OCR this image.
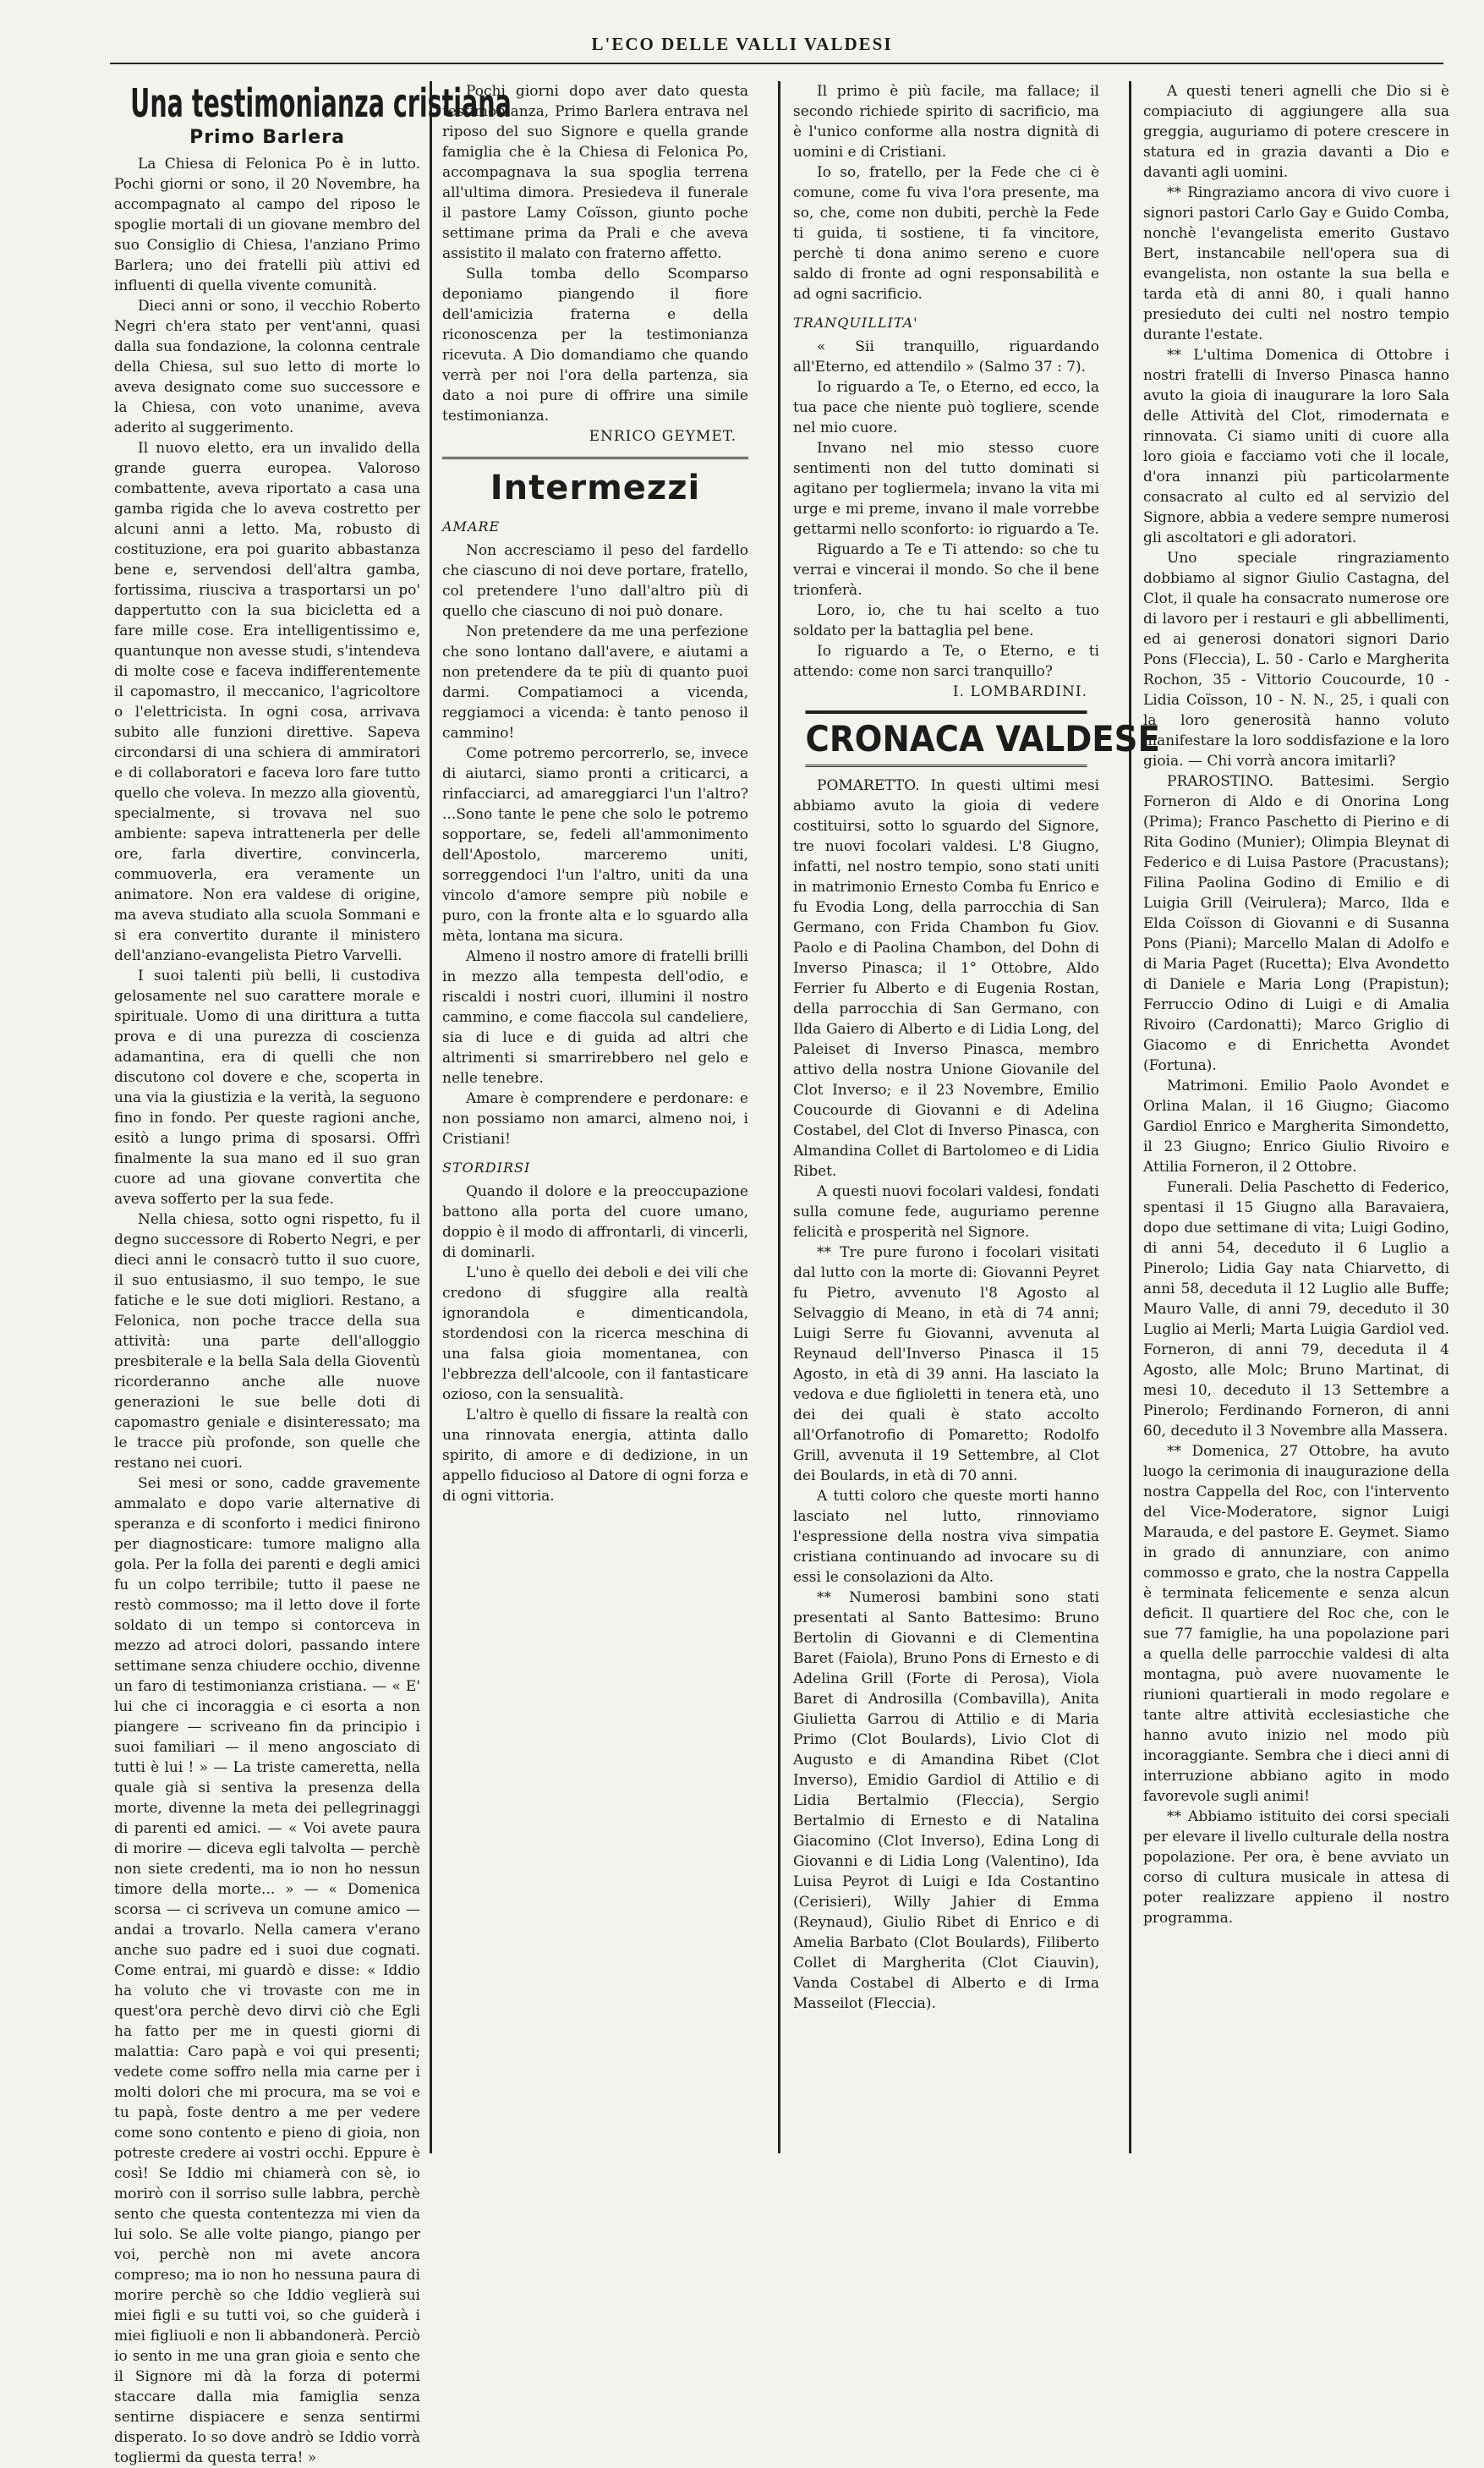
L'ECO DELLE VALLI VALDESI
Una testimonianza cristiana
Primo Barlera

La Chiesa di Felonica Po è in lutto. Pochi giorni or sono, il 20 Novembre, ha accompagnato al campo del riposo le spoglie mortali di un giovane membro del suo Consiglio di Chiesa, l'anziano Primo Barlera; uno dei fratelli più attivi ed influenti di quella vivente comunità.

Dieci anni or sono, il vecchio Roberto Negri ch'era stato per vent'anni, quasi dalla sua fondazione, la colonna centrale della Chiesa, sul suo letto di morte lo aveva designato come suo successore e la Chiesa, con voto unanime, aveva aderito al suggerimento.

Il nuovo eletto, era un invalido della grande guerra europea. Valoroso combattente, aveva riportato a casa una gamba rigida che lo aveva costretto per alcuni anni a letto. Ma, robusto di costituzione, era poi guarito abbastanza bene e, servendosi dell'altra gamba, fortissima, riusciva a trasportarsi un po' dappertutto con la sua bicicletta ed a fare mille cose. Era intelligentissimo e, quantunque non avesse studi, s'intendeva di molte cose e faceva indifferentemente il capomastro, il meccanico, l'agricoltore o l'elettricista. In ogni cosa, arrivava subito alle funzioni direttive. Sapeva circondarsi di una schiera di ammiratori e di collaboratori e faceva loro fare tutto quello che voleva. In mezzo alla gioventù, specialmente, si trovava nel suo ambiente: sapeva intrattenerla per delle ore, farla divertire, convincerla, commuoverla, era veramente un animatore. Non era valdese di origine, ma aveva studiato alla scuola Sommani e si era convertito durante il ministero dell'anziano-evangelista Pietro Varvelli.

I suoi talenti più belli, li custodiva gelosamente nel suo carattere morale e spirituale. Uomo di una dirittura a tutta prova e di una purezza di coscienza adamantina, era di quelli che non discutono col dovere e che, scoperta in una via la giustizia e la verità, la seguono fino in fondo. Per queste ragioni anche, esitò a lungo prima di sposarsi. Offrì finalmente la sua mano ed il suo gran cuore ad una giovane convertita che aveva sofferto per la sua fede.

Nella chiesa, sotto ogni rispetto, fu il degno successore di Roberto Negri, e per dieci anni le consacrò tutto il suo cuore, il suo entusiasmo, il suo tempo, le sue fatiche e le sue doti migliori. Restano, a Felonica, non poche tracce della sua attività: una parte dell'alloggio presbiterale e la bella Sala della Gioventù ricorderanno anche alle nuove generazioni le sue belle doti di capomastro geniale e disinteressato; ma le tracce più profonde, son quelle che restano nei cuori.

Sei mesi or sono, cadde gravemente ammalato e dopo varie alternative di speranza e di sconforto i medici finirono per diagnosticare: tumore maligno alla gola. Per la folla dei parenti e degli amici fu un colpo terribile; tutto il paese ne restò commosso; ma il letto dove il forte soldato di un tempo si contorceva in mezzo ad atroci dolori, passando intere settimane senza chiudere occhio, divenne un faro di testimonianza cristiana. — « E' lui che ci incoraggia e ci esorta a non piangere — scriveano fin da principio i suoi familiari — il meno angosciato di tutti è lui ! » — La triste cameretta, nella quale già si sentiva la presenza della morte, divenne la meta dei pellegrinaggi di parenti ed amici. — « Voi avete paura di morire — diceva egli talvolta — perchè non siete credenti, ma io non ho nessun timore della morte... » — « Domenica scorsa — ci scriveva un comune amico — andai a trovarlo. Nella camera v'erano anche suo padre ed i suoi due cognati. Come entrai, mi guardò e disse: « Iddio ha voluto che vi trovaste con me in quest'ora perchè devo dirvi ciò che Egli ha fatto per me in questi giorni di malattia: Caro papà e voi qui presenti; vedete come soffro nella mia carne per i molti dolori che mi procura, ma se voi e tu papà, foste dentro a me per vedere come sono contento e pieno di gioia, non potreste credere ai vostri occhi. Eppure è così! Se Iddio mi chiamerà con sè, io morirò con il sorriso sulle labbra, perchè sento che questa contentezza mi vien da lui solo. Se alle volte piango, piango per voi, perchè non mi avete ancora compreso; ma io non ho nessuna paura di morire perchè so che Iddio veglierà sui miei figli e su tutti voi, so che guiderà i miei figliuoli e non li abbandonerà. Perciò io sento in me una gran gioia e sento che il Signore mi dà la forza di potermi staccare dalla mia famiglia senza sentirne dispiacere e senza sentirmi disperato. Io so dove andrò se Iddio vorrà togliermi da questa terra! »

Pochi giorni dopo aver dato questa testimonianza, Primo Barlera entrava nel riposo del suo Signore e quella grande famiglia che è la Chiesa di Felonica Po, accompagnava la sua spoglia terrena all'ultima dimora. Presiedeva il funerale il pastore Lamy Coïsson, giunto poche settimane prima da Prali e che aveva assistito il malato con fraterno affetto.

Sulla tomba dello Scomparso deponiamo piangendo il fiore dell'amicizia fraterna e della riconoscenza per la testimonianza ricevuta. A Dio domandiamo che quando verrà per noi l'ora della partenza, sia dato a noi pure di offrire una simile testimonianza.

ENRICO GEYMET.
Intermezzi
AMARE

Non accresciamo il peso del fardello che ciascuno di noi deve portare, fratello, col pretendere l'uno dall'altro più di quello che ciascuno di noi può donare.

Non pretendere da me una perfezione che sono lontano dall'avere, e aiutami a non pretendere da te più di quanto puoi darmi. Compatiamoci a vicenda, reggiamoci a vicenda: è tanto penoso il cammino!

Come potremo percorrerlo, se, invece di aiutarci, siamo pronti a criticarci, a rinfacciarci, ad amareggiarci l'un l'altro? ...Sono tante le pene che solo le potremo sopportare, se, fedeli all'ammonimento dell'Apostolo, marceremo uniti, sorreggendoci l'un l'altro, uniti da una vincolo d'amore sempre più nobile e puro, con la fronte alta e lo sguardo alla mèta, lontana ma sicura.

Almeno il nostro amore di fratelli brilli in mezzo alla tempesta dell'odio, e riscaldi i nostri cuori, illumini il nostro cammino, e come fiaccola sul candeliere, sia di luce e di guida ad altri che altrimenti si smarrirebbero nel gelo e nelle tenebre.

Amare è comprendere e perdonare: e non possiamo non amarci, almeno noi, i Cristiani!

STORDIRSI

Quando il dolore e la preoccupazione battono alla porta del cuore umano, doppio è il modo di affrontarli, di vincerli, di dominarli.

L'uno è quello dei deboli e dei vili che credono di sfuggire alla realtà ignorandola e dimenticandola, stordendosi con la ricerca meschina di una falsa gioia momentanea, con l'ebbrezza dell'alcoole, con il fantasticare ozioso, con la sensualità.

L'altro è quello di fissare la realtà con una rinnovata energia, attinta dallo spirito, di amore e di dedizione, in un appello fiducioso al Datore di ogni forza e di ogni vittoria.

Il primo è più facile, ma fallace; il secondo richiede spirito di sacrificio, ma è l'unico conforme alla nostra dignità di uomini e di Cristiani.

Io so, fratello, per la Fede che ci è comune, come fu viva l'ora presente, ma so, che, come non dubiti, perchè la Fede ti guida, ti sostiene, ti fa vincitore, perchè ti dona animo sereno e cuore saldo di fronte ad ogni responsabilità e ad ogni sacrificio.

TRANQUILLITA'

« Sii tranquillo, riguardando all'Eterno, ed attendilo » (Salmo 37 : 7).

Io riguardo a Te, o Eterno, ed ecco, la tua pace che niente può togliere, scende nel mio cuore.

Invano nel mio stesso cuore sentimenti non del tutto dominati si agitano per togliermela; invano la vita mi urge e mi preme, invano il male vorrebbe gettarmi nello sconforto: io riguardo a Te.

Riguardo a Te e Ti attendo: so che tu verrai e vincerai il mondo. So che il bene trionferà.

Loro, io, che tu hai scelto a tuo soldato per la battaglia pel bene.

Io riguardo a Te, o Eterno, e ti attendo: come non sarci tranquillo?

I. LOMBARDINI.
CRONACA VALDESE

POMARETTO. In questi ultimi mesi abbiamo avuto la gioia di vedere costituirsi, sotto lo sguardo del Signore, tre nuovi focolari valdesi. L'8 Giugno, infatti, nel nostro tempio, sono stati uniti in matrimonio Ernesto Comba fu Enrico e fu Evodia Long, della parrocchia di San Germano, con Frida Chambon fu Giov. Paolo e di Paolina Chambon, del Dohn di Inverso Pinasca; il 1° Ottobre, Aldo Ferrier fu Alberto e di Eugenia Rostan, della parrocchia di San Germano, con Ilda Gaiero di Alberto e di Lidia Long, del Paleiset di Inverso Pinasca, membro attivo della nostra Unione Giovanile del Clot Inverso; e il 23 Novembre, Emilio Coucourde di Giovanni e di Adelina Costabel, del Clot di Inverso Pinasca, con Almandina Collet di Bartolomeo e di Lidia Ribet.

A questi nuovi focolari valdesi, fondati sulla comune fede, auguriamo perenne felicità e prosperità nel Signore.

** Tre pure furono i focolari visitati dal lutto con la morte di: Giovanni Peyret fu Pietro, avvenuto l'8 Agosto al Selvaggio di Meano, in età di 74 anni; Luigi Serre fu Giovanni, avvenuta al Reynaud dell'Inverso Pinasca il 15 Agosto, in età di 39 anni. Ha lasciato la vedova e due figlioletti in tenera età, uno dei dei quali è stato accolto all'Orfanotrofio di Pomaretto; Rodolfo Grill, avvenuta il 19 Settembre, al Clot dei Boulards, in età di 70 anni.

A tutti coloro che queste morti hanno lasciato nel lutto, rinnoviamo l'espressione della nostra viva simpatia cristiana continuando ad invocare su di essi le consolazioni da Alto.

** Numerosi bambini sono stati presentati al Santo Battesimo: Bruno Bertolin di Giovanni e di Clementina Baret (Faiola), Bruno Pons di Ernesto e di Adelina Grill (Forte di Perosa), Viola Baret di Androsilla (Combavilla), Anita Giulietta Garrou di Attilio e di Maria Primo (Clot Boulards), Livio Clot di Augusto e di Amandina Ribet (Clot Inverso), Emidio Gardiol di Attilio e di Lidia Bertalmio (Fleccia), Sergio Bertalmio di Ernesto e di Natalina Giacomino (Clot Inverso), Edina Long di Giovanni e di Lidia Long (Valentino), Ida Luisa Peyrot di Luigi e Ida Costantino (Cerisieri), Willy Jahier di Emma (Reynaud), Giulio Ribet di Enrico e di Amelia Barbato (Clot Boulards), Filiberto Collet di Margherita (Clot Ciauvin), Vanda Costabel di Alberto e di Irma Masseilot (Fleccia).

A questi teneri agnelli che Dio si è compiaciuto di aggiungere alla sua greggia, auguriamo di potere crescere in statura ed in grazia davanti a Dio e davanti agli uomini.

** Ringraziamo ancora di vivo cuore i signori pastori Carlo Gay e Guido Comba, nonchè l'evangelista emerito Gustavo Bert, instancabile nell'opera sua di evangelista, non ostante la sua bella e tarda età di anni 80, i quali hanno presieduto dei culti nel nostro tempio durante l'estate.

** L'ultima Domenica di Ottobre i nostri fratelli di Inverso Pinasca hanno avuto la gioia di inaugurare la loro Sala delle Attività del Clot, rimodernata e rinnovata. Ci siamo uniti di cuore alla loro gioia e facciamo voti che il locale, d'ora innanzi più particolarmente consacrato al culto ed al servizio del Signore, abbia a vedere sempre numerosi gli ascoltatori e gli adoratori.

Uno speciale ringraziamento dobbiamo al signor Giulio Castagna, del Clot, il quale ha consacrato numerose ore di lavoro per i restauri e gli abbellimenti, ed ai generosi donatori signori Dario Pons (Fleccia), L. 50 - Carlo e Margherita Rochon, 35 - Vittorio Coucourde, 10 - Lidia Coïsson, 10 - N. N., 25, i quali con la loro generosità hanno voluto manifestare la loro soddisfazione e la loro gioia. — Chi vorrà ancora imitarli?

PRAROSTINO. Battesimi. Sergio Forneron di Aldo e di Onorina Long (Prima); Franco Paschetto di Pierino e di Rita Godino (Munier); Olimpia Bleynat di Federico e di Luisa Pastore (Pracustans); Filina Paolina Godino di Emilio e di Luigia Grill (Veirulera); Marco, Ilda e Elda Coïsson di Giovanni e di Susanna Pons (Piani); Marcello Malan di Adolfo e di Maria Paget (Rucetta); Elva Avondetto di Daniele e Maria Long (Prapistun); Ferruccio Odino di Luigi e di Amalia Rivoiro (Cardonatti); Marco Griglio di Giacomo e di Enrichetta Avondet (Fortuna).

Matrimoni. Emilio Paolo Avondet e Orlina Malan, il 16 Giugno; Giacomo Gardiol Enrico e Margherita Simondetto, il 23 Giugno; Enrico Giulio Rivoiro e Attilia Forneron, il 2 Ottobre.

Funerali. Delia Paschetto di Federico, spentasi il 15 Giugno alla Baravaiera, dopo due settimane di vita; Luigi Godino, di anni 54, deceduto il 6 Luglio a Pinerolo; Lidia Gay nata Chiarvetto, di anni 58, deceduta il 12 Luglio alle Buffe; Mauro Valle, di anni 79, deceduto il 30 Luglio ai Merli; Marta Luigia Gardiol ved. Forneron, di anni 79, deceduta il 4 Agosto, alle Molc; Bruno Martinat, di mesi 10, deceduto il 13 Settembre a Pinerolo; Ferdinando Forneron, di anni 60, deceduto il 3 Novembre alla Massera.

** Domenica, 27 Ottobre, ha avuto luogo la cerimonia di inaugurazione della nostra Cappella del Roc, con l'intervento del Vice-Moderatore, signor Luigi Marauda, e del pastore E. Geymet. Siamo in grado di annunziare, con animo commosso e grato, che la nostra Cappella è terminata felicemente e senza alcun deficit. Il quartiere del Roc che, con le sue 77 famiglie, ha una popolazione pari a quella delle parrocchie valdesi di alta montagna, può avere nuovamente le riunioni quartierali in modo regolare e tante altre attività ecclesiastiche che hanno avuto inizio nel modo più incoraggiante. Sembra che i dieci anni di interruzione abbiano agito in modo favorevole sugli animi!

** Abbiamo istituito dei corsi speciali per elevare il livello culturale della nostra popolazione. Per ora, è bene avviato un corso di cultura musicale in attesa di poter realizzare appieno il nostro programma.
